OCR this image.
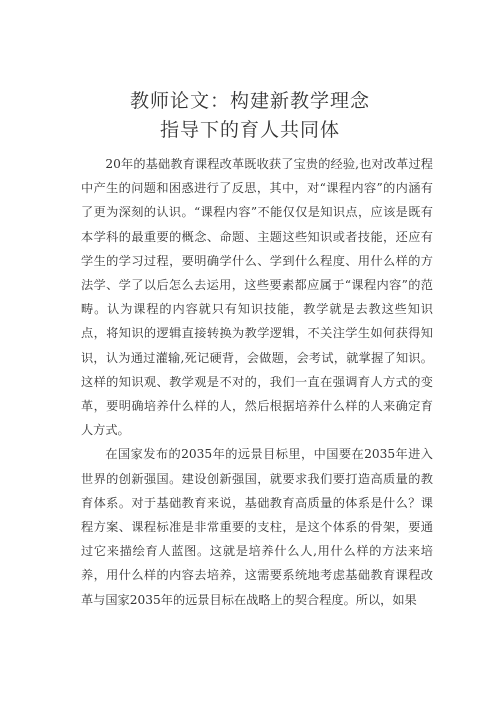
教师论文：构建新教学理念
指导下的育人共同体

20年的基础教育课程改革既收获了宝贵的经验,也对改革过程中产生的问题和困惑进行了反思，其中，对“课程内容”的内涵有了更为深刻的认识。“课程内容”不能仅仅是知识点，应该是既有本学科的最重要的概念、命题、主题这些知识或者技能，还应有学生的学习过程，要明确学什么、学到什么程度、用什么样的方法学、学了以后怎么去运用，这些要素都应属于“课程内容”的范畴。认为课程的内容就只有知识技能，教学就是去教这些知识点，将知识的逻辑直接转换为教学逻辑，不关注学生如何获得知识，认为通过灌输,死记硬背，会做题，会考试，就掌握了知识。这样的知识观、教学观是不对的，我们一直在强调育人方式的变革，要明确培养什么样的人，然后根据培养什么样的人来确定育人方式。

在国家发布的2035年的远景目标里，中国要在2035年进入世界的创新强国。建设创新强国，就要求我们要打造高质量的教育体系。对于基础教育来说，基础教育高质量的体系是什么？课程方案、课程标准是非常重要的支柱，是这个体系的骨架，要通过它来描绘育人蓝图。这就是培养什么人,用什么样的方法来培养，用什么样的内容去培养，这需要系统地考虑基础教育课程改革与国家2035年的远景目标在战略上的契合程度。所以，如果
